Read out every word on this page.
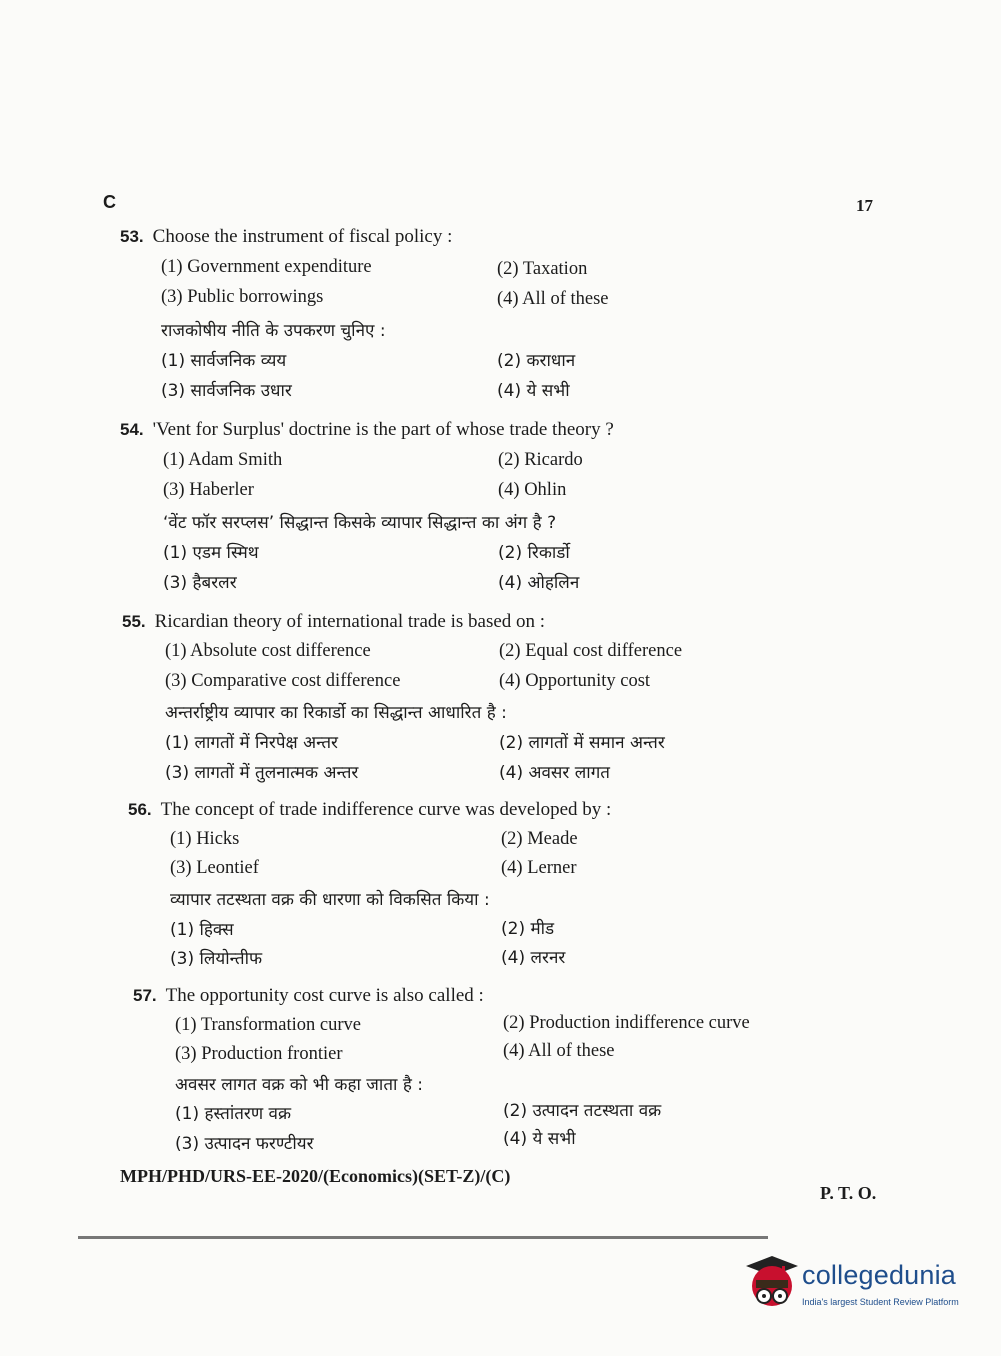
C	17
53. Choose the instrument of fiscal policy :
(1) Government expenditure	(2) Taxation
(3) Public borrowings	(4) All of these
राजकोषीय नीति के उपकरण चुनिए :
(1) सार्वजनिक व्यय	(2) कराधान
(3) सार्वजनिक उधार	(4) ये सभी
54. 'Vent for Surplus' doctrine is the part of whose trade theory ?
(1) Adam Smith	(2) Ricardo
(3) Haberler	(4) Ohlin
‘वेंट फॉर सरप्लस’ सिद्धान्त किसके व्यापार सिद्धान्त का अंग है ?
(1) एडम स्मिथ	(2) रिकार्डो
(3) हैबरलर	(4) ओहलिन
55. Ricardian theory of international trade is based on :
(1) Absolute cost difference	(2) Equal cost difference
(3) Comparative cost difference	(4) Opportunity cost
अन्तर्राष्ट्रीय व्यापार का रिकार्डो का सिद्धान्त आधारित है :
(1) लागतों में निरपेक्ष अन्तर	(2) लागतों में समान अन्तर
(3) लागतों में तुलनात्मक अन्तर	(4) अवसर लागत
56. The concept of trade indifference curve was developed by :
(1) Hicks	(2) Meade
(3) Leontief	(4) Lerner
व्यापार तटस्थता वक्र की धारणा को विकसित किया :
(1) हिक्स	(2) मीड
(3) लियोन्तीफ	(4) लरनर
57. The opportunity cost curve is also called :
(1) Transformation curve	(2) Production indifference curve
(3) Production frontier	(4) All of these
अवसर लागत वक्र को भी कहा जाता है :
(1) हस्तांतरण वक्र	(2) उत्पादन तटस्थता वक्र
(3) उत्पादन फरण्टीयर	(4) ये सभी
MPH/PHD/URS-EE-2020/(Economics)(SET-Z)/(C)
P. T. O.
collegedunia
India's largest Student Review Platform
